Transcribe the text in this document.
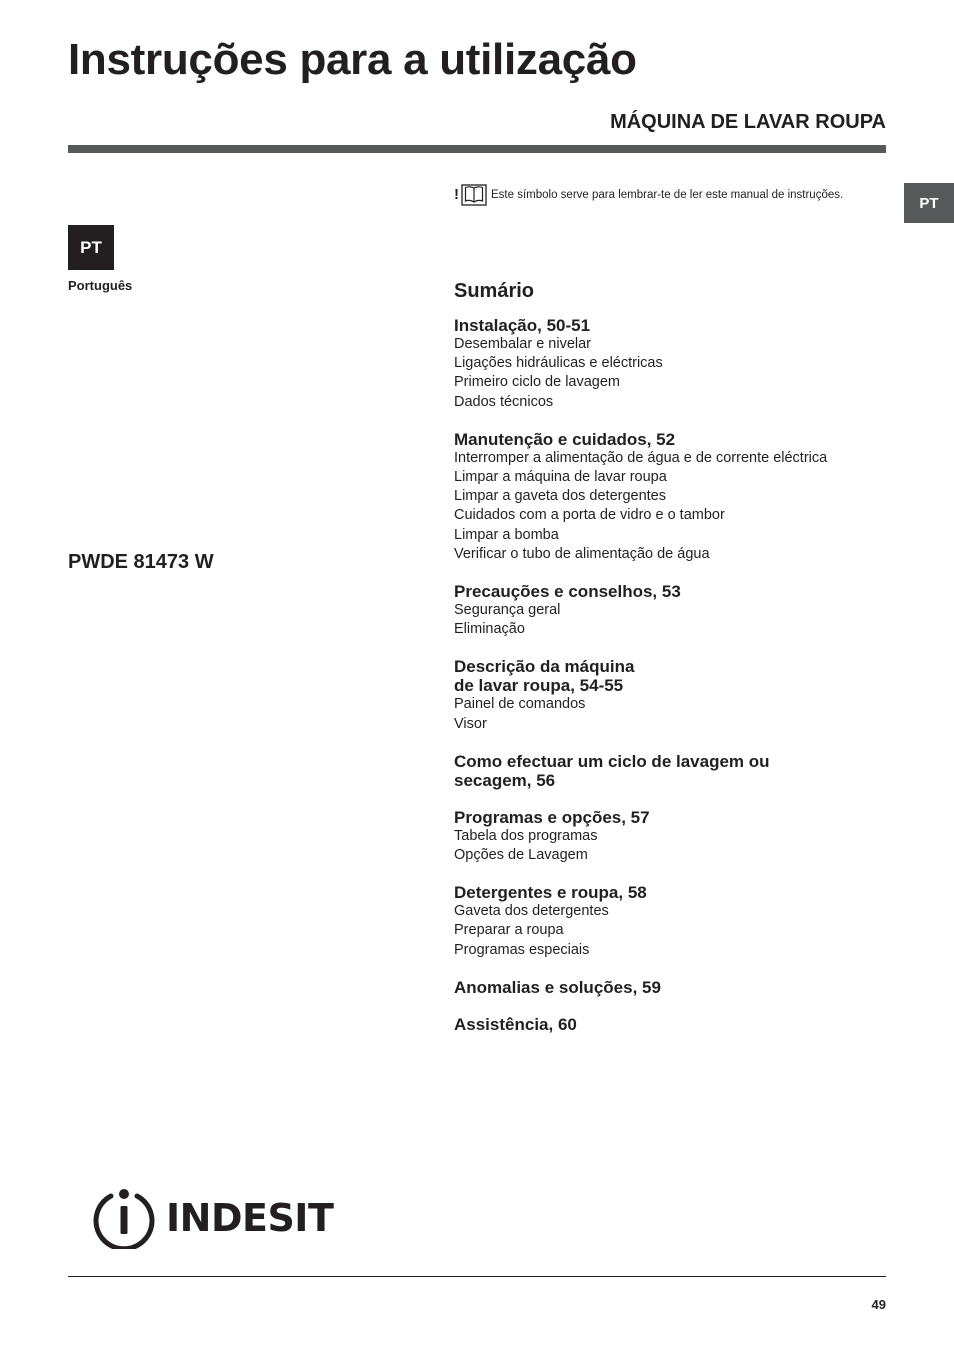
Instruções para a utilização
MÁQUINA DE LAVAR ROUPA
!	Este símbolo serve para lembrar-te de ler este manual de instruções.	PT
PT
Português
PWDE 81473 W
Sumário
Instalação, 50-51
Desembalar e nivelar
Ligações hidráulicas e eléctricas
Primeiro ciclo de lavagem
Dados técnicos
Manutenção e cuidados, 52
Interromper a alimentação de água e de corrente eléctrica
Limpar a máquina de lavar roupa
Limpar a gaveta dos detergentes
Cuidados com a porta de vidro e o tambor
Limpar a bomba
Verificar o tubo de alimentação de água
Precauções e conselhos, 53
Segurança geral
Eliminação
Descrição da máquina
de lavar roupa, 54-55
Painel de comandos
Visor
Como efectuar um ciclo de lavagem ou
secagem, 56
Programas e opções, 57
Tabela dos programas
Opções de Lavagem
Detergentes e roupa, 58
Gaveta dos detergentes
Preparar a roupa
Programas especiais
Anomalias e soluções, 59
Assistência, 60
INDESIT
49
